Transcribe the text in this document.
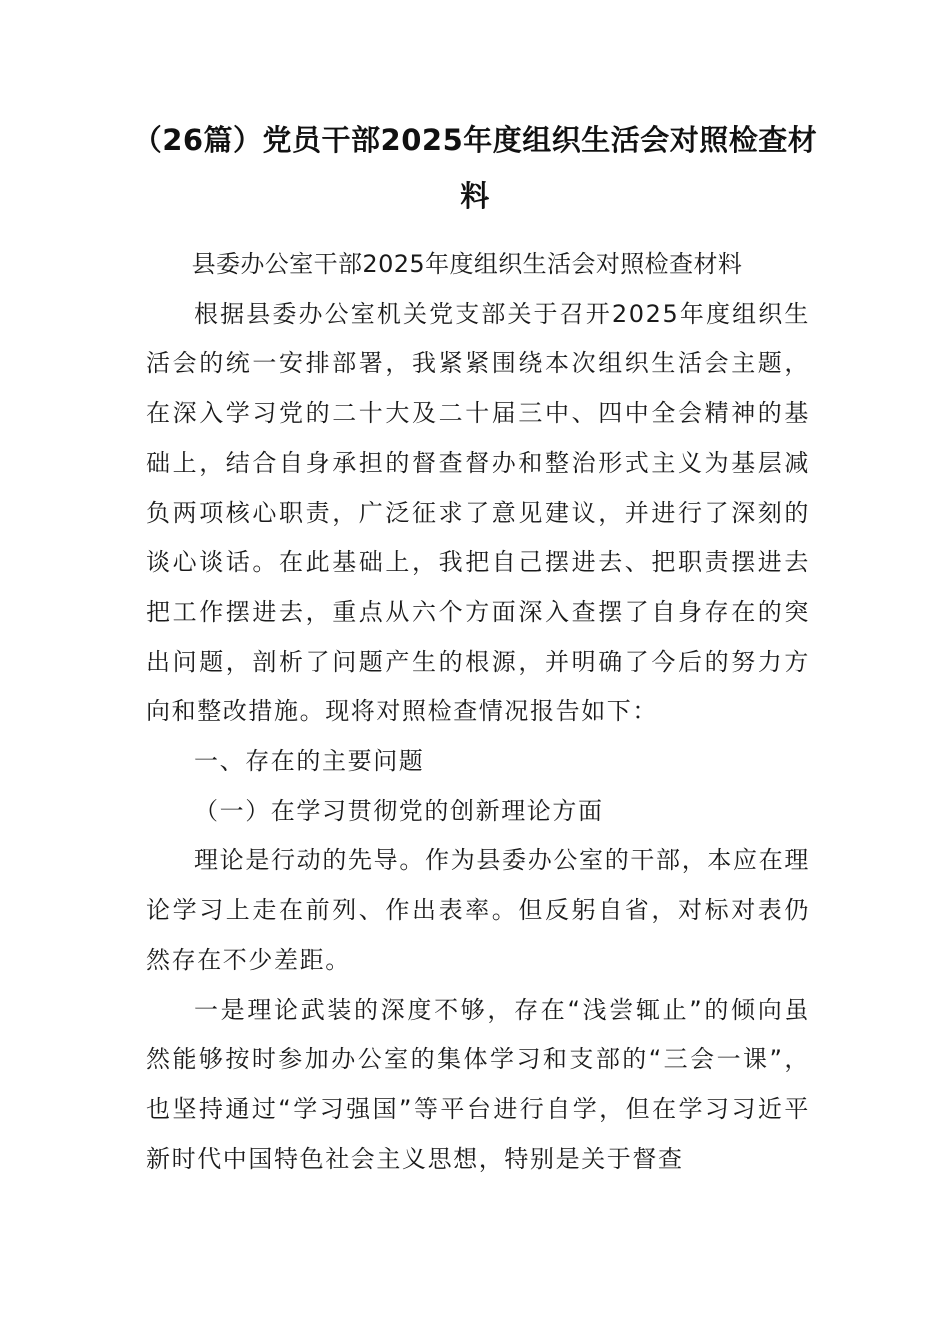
（26篇）党员干部2025年度组织生活会对照检查材料

县委办公室干部2025年度组织生活会对照检查材料

根据县委办公室机关党支部关于召开2025年度组织生活会的统一安排部署，我紧紧围绕本次组织生活会主题，在深入学习党的二十大及二十届三中、四中全会精神的基础上，结合自身承担的督查督办和整治形式主义为基层减负两项核心职责，广泛征求了意见建议，并进行了深刻的谈心谈话。在此基础上，我把自己摆进去、把职责摆进去把工作摆进去，重点从六个方面深入查摆了自身存在的突出问题，剖析了问题产生的根源，并明确了今后的努力方向和整改措施。现将对照检查情况报告如下：

一、存在的主要问题

（一）在学习贯彻党的创新理论方面

理论是行动的先导。作为县委办公室的干部，本应在理论学习上走在前列、作出表率。但反躬自省，对标对表仍然存在不少差距。

一是理论武装的深度不够，存在“浅尝辄止”的倾向虽然能够按时参加办公室的集体学习和支部的“三会一课”，也坚持通过“学习强国”等平台进行自学，但在学习习近平新时代中国特色社会主义思想，特别是关于督查
